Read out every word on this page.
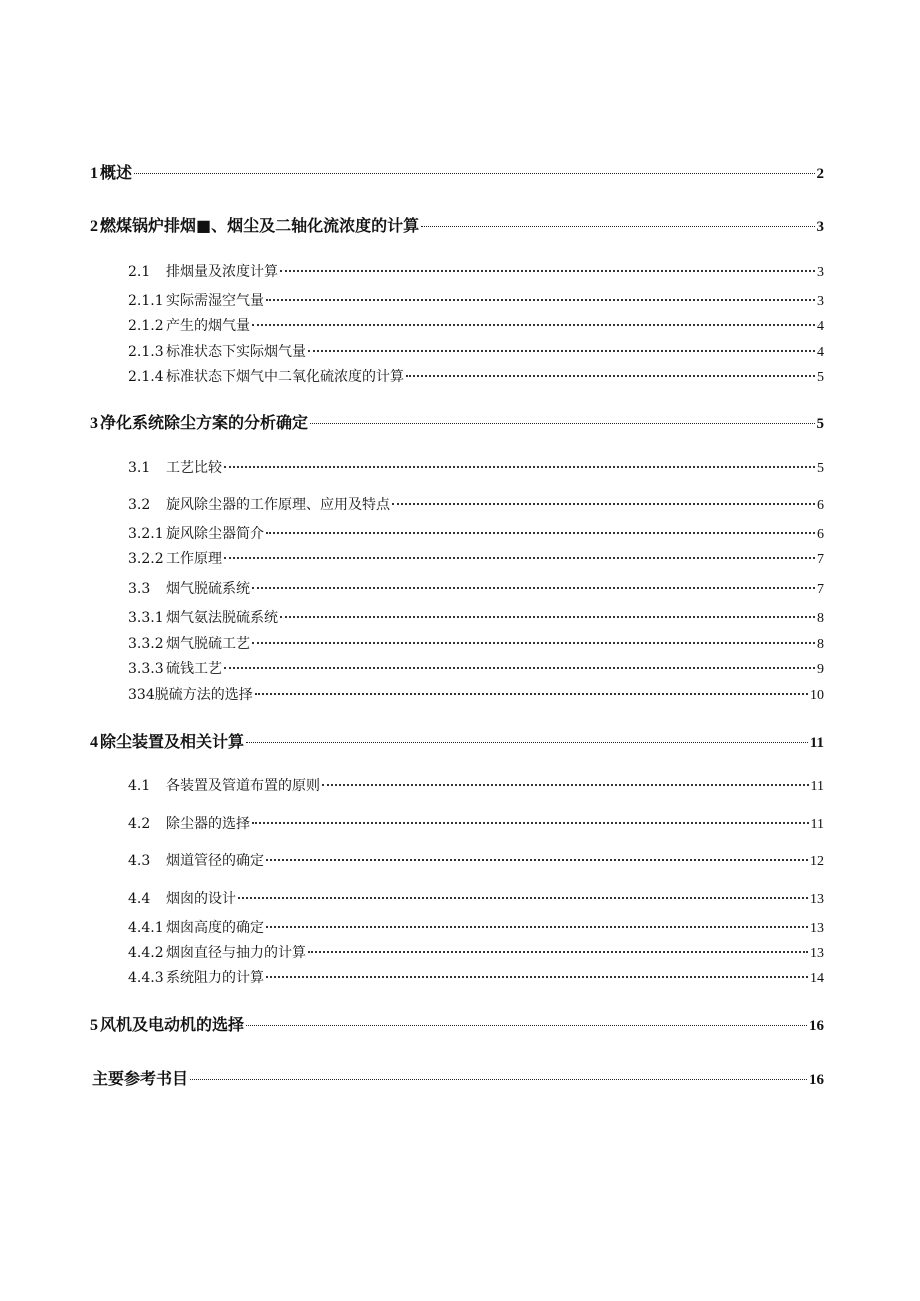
1 概述	2
2 燃煤锅炉排烟■、烟尘及二轴化流浓度的计算	3
2.1	排烟量及浓度计算	3
2.1.1 实际需湿空气量	3
2.1.2 产生的烟气量	4
2.1.3 标准状态下实际烟气量	4
2.1.4 标准状态下烟气中二氧化硫浓度的计算	5
3 净化系统除尘方案的分析确定	5
3.1	工艺比较	5
3.2	旋风除尘器的工作原理、应用及特点	6
3.2.1 旋风除尘器简介	6
3.2.2 工作原理	7
3.3	烟气脱硫系统	7
3.3.1 烟气氨法脱硫系统	8
3.3.2 烟气脱硫工艺	8
3.3.3 硫钱工艺	9
334 脱硫方法的选择	10
4 除尘装置及相关计算	11
4.1	各装置及管道布置的原则	11
4.2	除尘器的选择	11
4.3	烟道管径的确定	12
4.4	烟囱的设计	13
4.4.1 烟囱高度的确定	13
4.4.2 烟囱直径与抽力的计算	13
4.4.3 系统阻力的计算	14
5 风机及电动机的选择	16
主要参考书目	16
